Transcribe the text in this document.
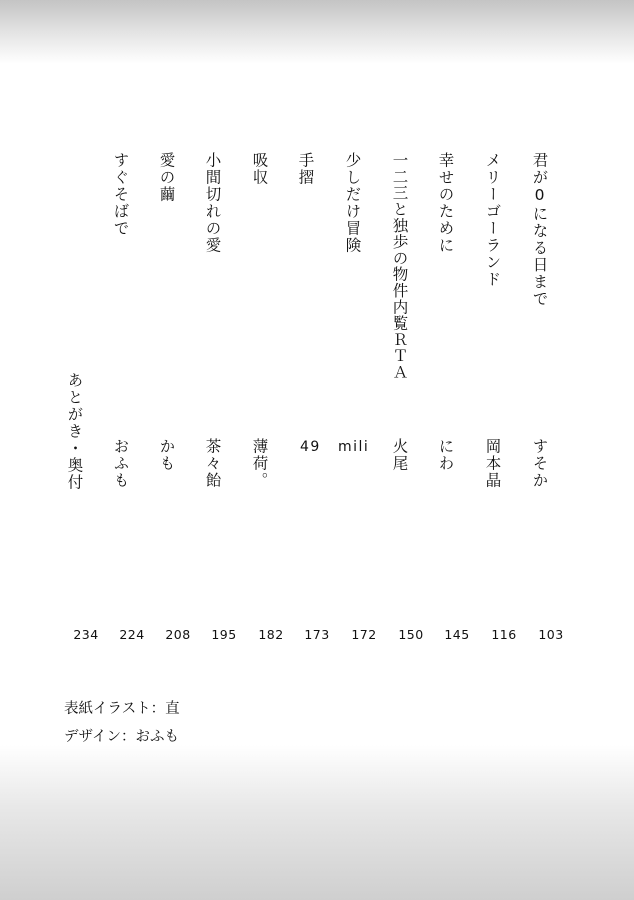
君が0になる日まで
すそか
103
メリーゴーランド
岡本晶
116
幸せのために
にわ
145
一二三と独歩の物件内覧ＲＴＡ
火尾
150
少しだけ冒険
mili
172
手摺
49
173
吸収
薄荷。
182
小間切れの愛
茶々飴
195
愛の繭
かも
208
すぐそばで
おふも
224
あとがき・奥付
234
表紙イラスト：直
デザイン：おふも
